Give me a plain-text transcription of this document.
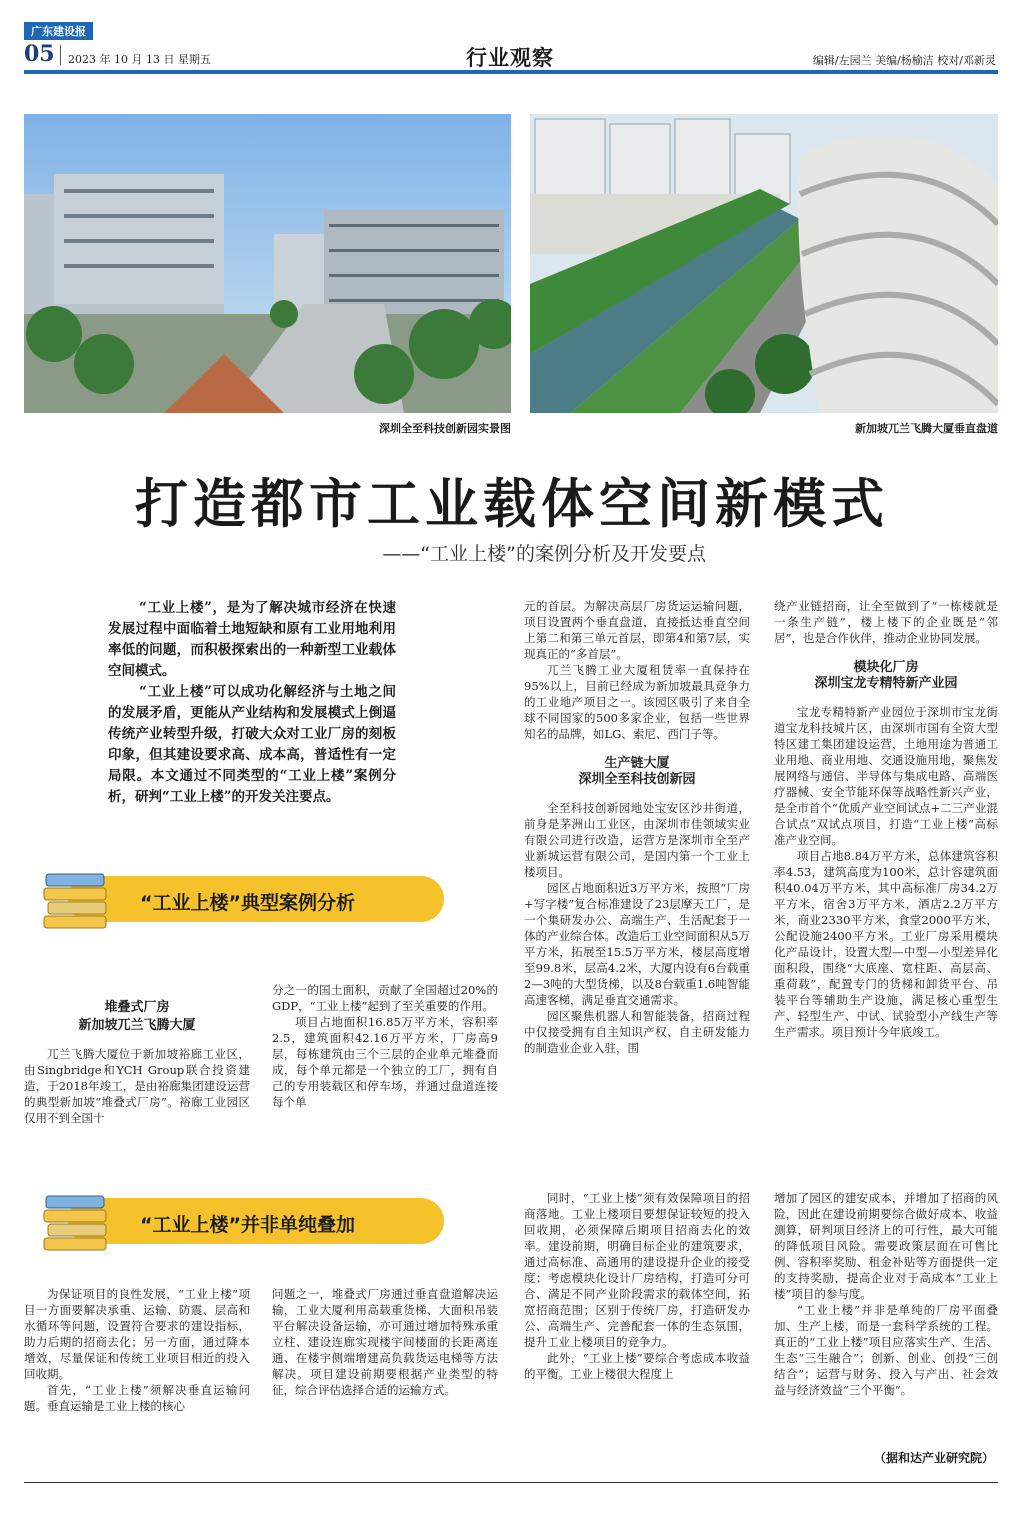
广东建设报
05 2023 年 10 月 13 日 星期五	行业观察	编辑/左园兰 美编/杨榆洁 校对/邓新灵
深圳全至科技创新园实景图	新加坡兀兰飞腾大厦垂直盘道
打造都市工业载体空间新模式
——“工业上楼”的案例分析及开发要点

“工业上楼”，是为了解决城市经济在快速发展过程中面临着土地短缺和原有工业用地利用率低的问题，而积极探索出的一种新型工业载体空间模式。

“工业上楼”可以成功化解经济与土地之间的发展矛盾，更能从产业结构和发展模式上倒逼传统产业转型升级，打破大众对工业厂房的刻板印象，但其建设要求高、成本高，普适性有一定局限。本文通过不同类型的“工业上楼”案例分析，研判“工业上楼”的开发关注要点。

“工业上楼”典型案例分析
堆叠式厂房
新加坡兀兰飞腾大厦

兀兰飞腾大厦位于新加坡裕廊工业区，由Singbridge和YCH Group联合投资建造，于2018年竣工，是由裕廊集团建设运营的典型新加坡“堆叠式厂房”。裕廊工业园区仅用不到全国十

分之一的国土面积，贡献了全国超过20%的GDP，“工业上楼”起到了至关重要的作用。

项目占地面积16.85万平方米，容积率2.5，建筑面积42.16万平方米，厂房高9层，每栋建筑由三个三层的企业单元堆叠而成，每个单元都是一个独立的工厂，拥有自己的专用装载区和停车场，并通过盘道连接每个单

元的首层。为解决高层厂房货运运输问题，项目设置两个垂直盘道，直接抵达垂直空间上第二和第三单元首层，即第4和第7层，实现真正的“多首层”。

兀兰飞腾工业大厦租赁率一直保持在95%以上，目前已经成为新加坡最具竞争力的工业地产项目之一。该园区吸引了来自全球不同国家的500多家企业，包括一些世界知名的品牌，如LG、索尼、西门子等。

生产链大厦
深圳全至科技创新园

全至科技创新园地处宝安区沙井街道，前身是茅洲山工业区，由深圳市佳领域实业有限公司进行改造，运营方是深圳市全至产业新城运营有限公司，是国内第一个工业上楼项目。

园区占地面积近3万平方米，按照“厂房+写字楼”复合标准建设了23层摩天工厂，是一个集研发办公、高端生产、生活配套于一体的产业综合体。改造后工业空间面积从5万平方米，拓展至15.5万平方米，楼层高度增至99.8米，层高4.2米，大厦内设有6台载重2—3吨的大型货梯，以及8台载重1.6吨智能高速客梯，满足垂直交通需求。

园区聚焦机器人和智能装备，招商过程中仅接受拥有自主知识产权、自主研发能力的制造业企业入驻，围

绕产业链招商，让全至做到了“一栋楼就是一条生产链”，楼上楼下的企业既是“邻居”，也是合作伙伴，推动企业协同发展。

模块化厂房
深圳宝龙专精特新产业园

宝龙专精特新产业园位于深圳市宝龙街道宝龙科技城片区，由深圳市国有全资大型特区建工集团建设运营，土地用途为普通工业用地、商业用地、交通设施用地，聚焦发展网络与通信、半导体与集成电路、高端医疗器械、安全节能环保等战略性新兴产业，是全市首个“优质产业空间试点+二三产业混合试点”双试点项目，打造“工业上楼”高标准产业空间。

项目占地8.84万平方米，总体建筑容积率4.53，建筑高度为100米，总计容建筑面积40.04万平方米，其中高标准厂房34.2万平方米，宿舍3万平方米，酒店2.2万平方米，商业2330平方米，食堂2000平方米，公配设施2400平方米。工业厂房采用模块化产品设计，设置大型—中型—小型差异化面积段，围绕“大底座、宽柱距、高层高、重荷载”，配置专门的货梯和卸货平台、吊装平台等辅助生产设施，满足核心重型生产、轻型生产、中试、试验型小产线生产等生产需求。项目预计今年底竣工。

“工业上楼”并非单纯叠加

为保证项目的良性发展，“工业上楼”项目一方面要解决承重、运输、防震、层高和水循环等问题，设置符合要求的建设指标，助力后期的招商去化；另一方面，通过降本增效，尽量保证和传统工业项目相近的投入回收期。

首先，“工业上楼”须解决垂直运输问题。垂直运输是工业上楼的核心

问题之一，堆叠式厂房通过垂直盘道解决运输，工业大厦利用高载重货梯、大面积吊装平台解决设备运输，亦可通过增加特殊承重立柱、建设连廊实现楼宇间楼面的长距离连通、在楼宇侧端增建高负载货运电梯等方法解决。项目建设前期要根据产业类型的特征，综合评估选择合适的运输方式。

同时，“工业上楼”须有效保障项目的招商落地。工业上楼项目要想保证较短的投入回收期，必须保障后期项目招商去化的效率。建设前期，明确目标企业的建筑要求，通过高标准、高通用的建设提升企业的接受度；考虑模块化设计厂房结构，打造可分可合、满足不同产业阶段需求的载体空间，拓宽招商范围；区别于传统厂房，打造研发办公、高端生产、完善配套一体的生态氛围，提升工业上楼项目的竞争力。

此外，“工业上楼”要综合考虑成本收益的平衡。工业上楼很大程度上

增加了园区的建安成本，并增加了招商的风险，因此在建设前期要综合做好成本、收益测算，研判项目经济上的可行性，最大可能的降低项目风险。需要政策层面在可售比例、容积率奖励、租金补贴等方面提供一定的支持奖励，提高企业对于高成本“工业上楼”项目的参与度。

“工业上楼”并非是单纯的厂房平面叠加、生产上楼，而是一套科学系统的工程。真正的“工业上楼”项目应落实生产、生活、生态“三生融合”；创新、创业、创投“三创结合”；运营与财务、投入与产出、社会效益与经济效益“三个平衡”。

（据和达产业研究院）
